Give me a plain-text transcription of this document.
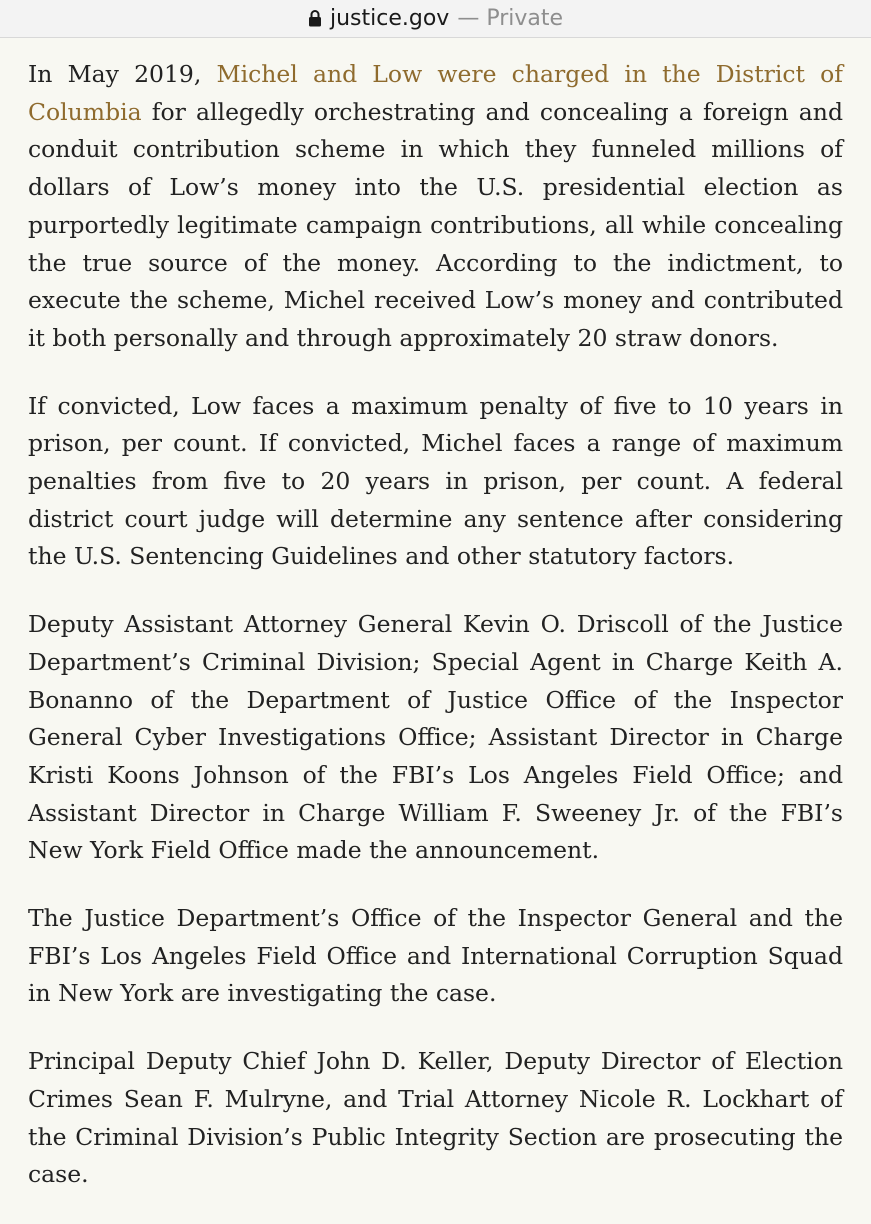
justice.gov — Private

In May 2019, Michel and Low were charged in the District of Columbia for allegedly orchestrating and concealing a foreign and conduit contribution scheme in which they funneled millions of dollars of Low’s money into the U.S. presidential election as purportedly legitimate campaign contributions, all while concealing the true source of the money. According to the indictment, to execute the scheme, Michel received Low’s money and contributed it both personally and through approximately 20 straw donors.

If convicted, Low faces a maximum penalty of five to 10 years in prison, per count. If convicted, Michel faces a range of maximum penalties from five to 20 years in prison, per count. A federal district court judge will determine any sentence after considering the U.S. Sentencing Guidelines and other statutory factors.

Deputy Assistant Attorney General Kevin O. Driscoll of the Justice Department’s Criminal Division; Special Agent in Charge Keith A. Bonanno of the Department of Justice Office of the Inspector General Cyber Investigations Office; Assistant Director in Charge Kristi Koons Johnson of the FBI’s Los Angeles Field Office; and Assistant Director in Charge William F. Sweeney Jr. of the FBI’s New York Field Office made the announcement.

The Justice Department’s Office of the Inspector General and the FBI’s Los Angeles Field Office and International Corruption Squad in New York are investigating the case.

Principal Deputy Chief John D. Keller, Deputy Director of Election Crimes Sean F. Mulryne, and Trial Attorney Nicole R. Lockhart of the Criminal Division’s Public Integrity Section are prosecuting the case.
